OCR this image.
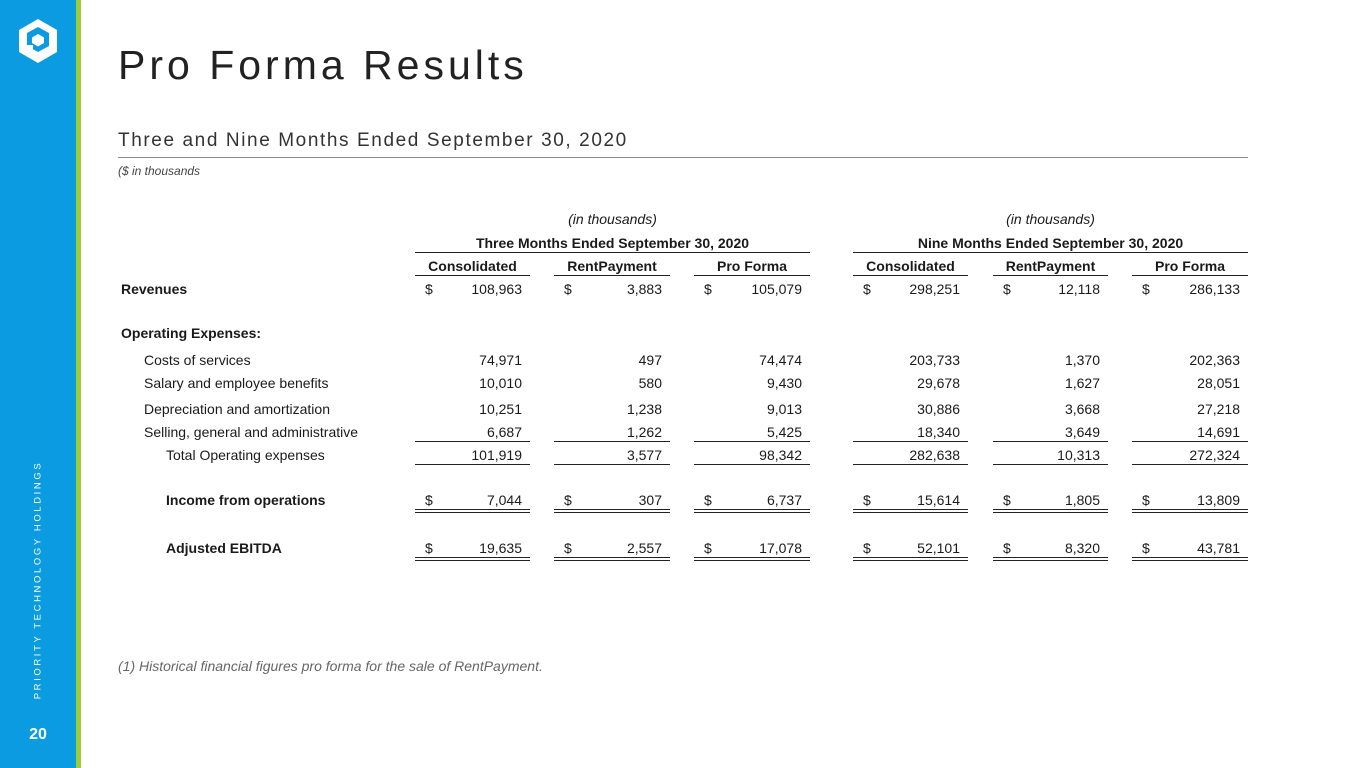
PRIORITY TECHNOLOGY HOLDINGS
20
Pro Forma Results
Three and Nine Months Ended September 30, 2020
($ in thousands
(in thousands)	(in thousands)
Three Months Ended September 30, 2020	Nine Months Ended September 30, 2020
Consolidated	RentPayment	Pro Forma	Consolidated	RentPayment	Pro Forma
Revenues	$	108,963	$	3,883	$	105,079	$	298,251	$	12,118	$	286,133
Operating Expenses:
Costs of services	74,971	497	74,474	203,733	1,370	202,363
Salary and employee benefits	10,010	580	9,430	29,678	1,627	28,051
Depreciation and amortization	10,251	1,238	9,013	30,886	3,668	27,218
Selling, general and administrative	6,687	1,262	5,425	18,340	3,649	14,691
Total Operating expenses	101,919	3,577	98,342	282,638	10,313	272,324
Income from operations	$	7,044	$	307	$	6,737	$	15,614	$	1,805	$	13,809
Adjusted EBITDA	$	19,635	$	2,557	$	17,078	$	52,101	$	8,320	$	43,781
(1) Historical financial figures pro forma for the sale of RentPayment.
